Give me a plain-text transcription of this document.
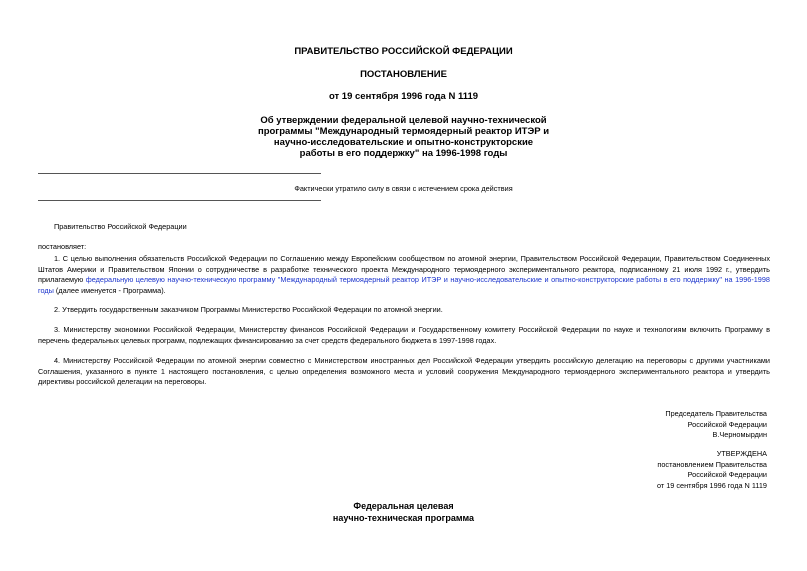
ПРАВИТЕЛЬСТВО РОССИЙСКОЙ ФЕДЕРАЦИИ
ПОСТАНОВЛЕНИЕ
от 19 сентября 1996 года N 1119
Об утверждении федеральной целевой научно-технической
программы "Международный термоядерный реактор ИТЭР и
научно-исследовательские и опытно-конструкторские
работы в его поддержку" на 1996-1998 годы
Фактически утратило силу в связи с истечением срока действия
Правительство Российской Федерации
постановляет:
1. С целью выполнения обязательств Российской Федерации по Соглашению между Европейским сообществом по атомной энергии, Правительством Российской Федерации, Правительством Соединенных Штатов Америки и Правительством Японии о сотрудничестве в разработке технического проекта Международного термоядерного экспериментального реактора, подписанному 21 июля 1992 г., утвердить прилагаемую федеральную целевую научно-техническую программу "Международный термоядерный реактор ИТЭР и научно-исследовательские и опытно-конструкторские работы в его поддержку" на 1996-1998 годы (далее именуется - Программа).
2. Утвердить государственным заказчиком Программы Министерство Российской Федерации по атомной энергии.
3. Министерству экономики Российской Федерации, Министерству финансов Российской Федерации и Государственному комитету Российской Федерации по науке и технологиям включить Программу в перечень федеральных целевых программ, подлежащих финансированию за счет средств федерального бюджета в 1997-1998 годах.
4. Министерству Российской Федерации по атомной энергии совместно с Министерством иностранных дел Российской Федерации утвердить российскую делегацию на переговоры с другими участниками Соглашения, указанного в пункте 1 настоящего постановления, с целью определения возможного места и условий сооружения Международного термоядерного экспериментального реактора и утвердить директивы российской делегации на переговоры.
Председатель Правительства
Российской Федерации
В.Черномырдин
УТВЕРЖДЕНА
постановлением Правительства
Российской Федерации
от 19 сентября 1996 года N 1119
Федеральная целевая
научно-техническая программа
